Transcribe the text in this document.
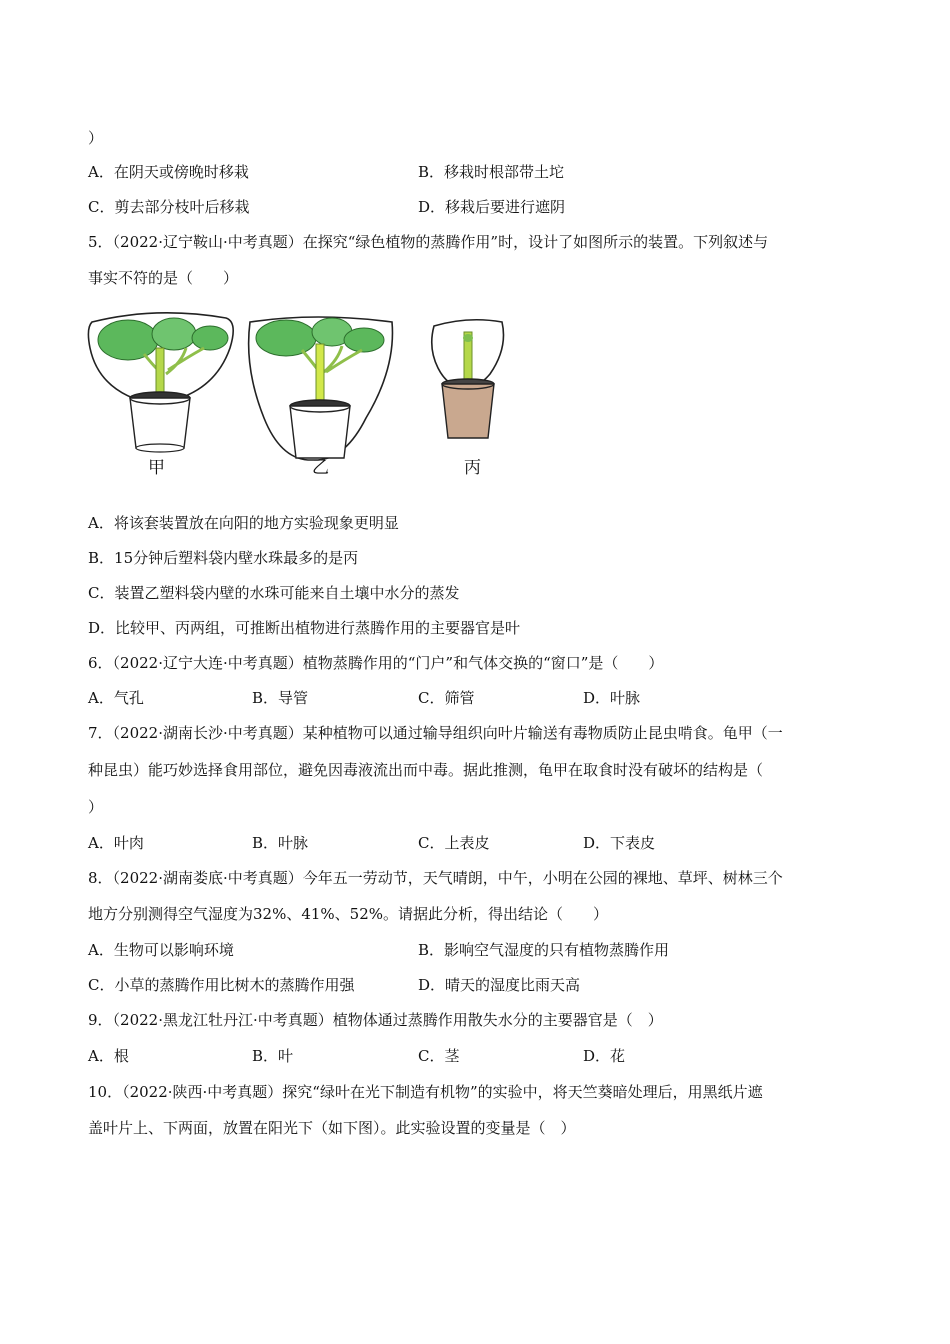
）
A．在阴天或傍晚时移栽	B．移栽时根部带土坨
C．剪去部分枝叶后移栽	D．移栽后要进行遮阴
5．（2022·辽宁鞍山·中考真题）在探究“绿色植物的蒸腾作用”时，设计了如图所示的装置。下列叙述与
事实不符的是（　　）
甲	乙	丙
A．将该套装置放在向阳的地方实验现象更明显
B．15分钟后塑料袋内壁水珠最多的是丙
C．装置乙塑料袋内壁的水珠可能来自土壤中水分的蒸发
D．比较甲、丙两组，可推断出植物进行蒸腾作用的主要器官是叶
6．（2022·辽宁大连·中考真题）植物蒸腾作用的“门户”和气体交换的“窗口”是（　　）
A．气孔	B．导管	C．筛管	D．叶脉
7．（2022·湖南长沙·中考真题）某种植物可以通过输导组织向叶片输送有毒物质防止昆虫啃食。龟甲（一
种昆虫）能巧妙选择食用部位，避免因毒液流出而中毒。据此推测，龟甲在取食时没有破坏的结构是（
）
A．叶肉	B．叶脉	C．上表皮	D．下表皮
8．（2022·湖南娄底·中考真题）今年五一劳动节，天气晴朗，中午，小明在公园的裸地、草坪、树林三个
地方分别测得空气湿度为32%、41%、52%。请据此分析，得出结论（　　）
A．生物可以影响环境	B．影响空气湿度的只有植物蒸腾作用
C．小草的蒸腾作用比树木的蒸腾作用强	D．晴天的湿度比雨天高
9．（2022·黑龙江牡丹江·中考真题）植物体通过蒸腾作用散失水分的主要器官是（　）
A．根	B．叶	C．茎	D．花
10．（2022·陕西·中考真题）探究“绿叶在光下制造有机物”的实验中，将天竺葵暗处理后，用黑纸片遮
盖叶片上、下两面，放置在阳光下（如下图）。此实验设置的变量是（　）
